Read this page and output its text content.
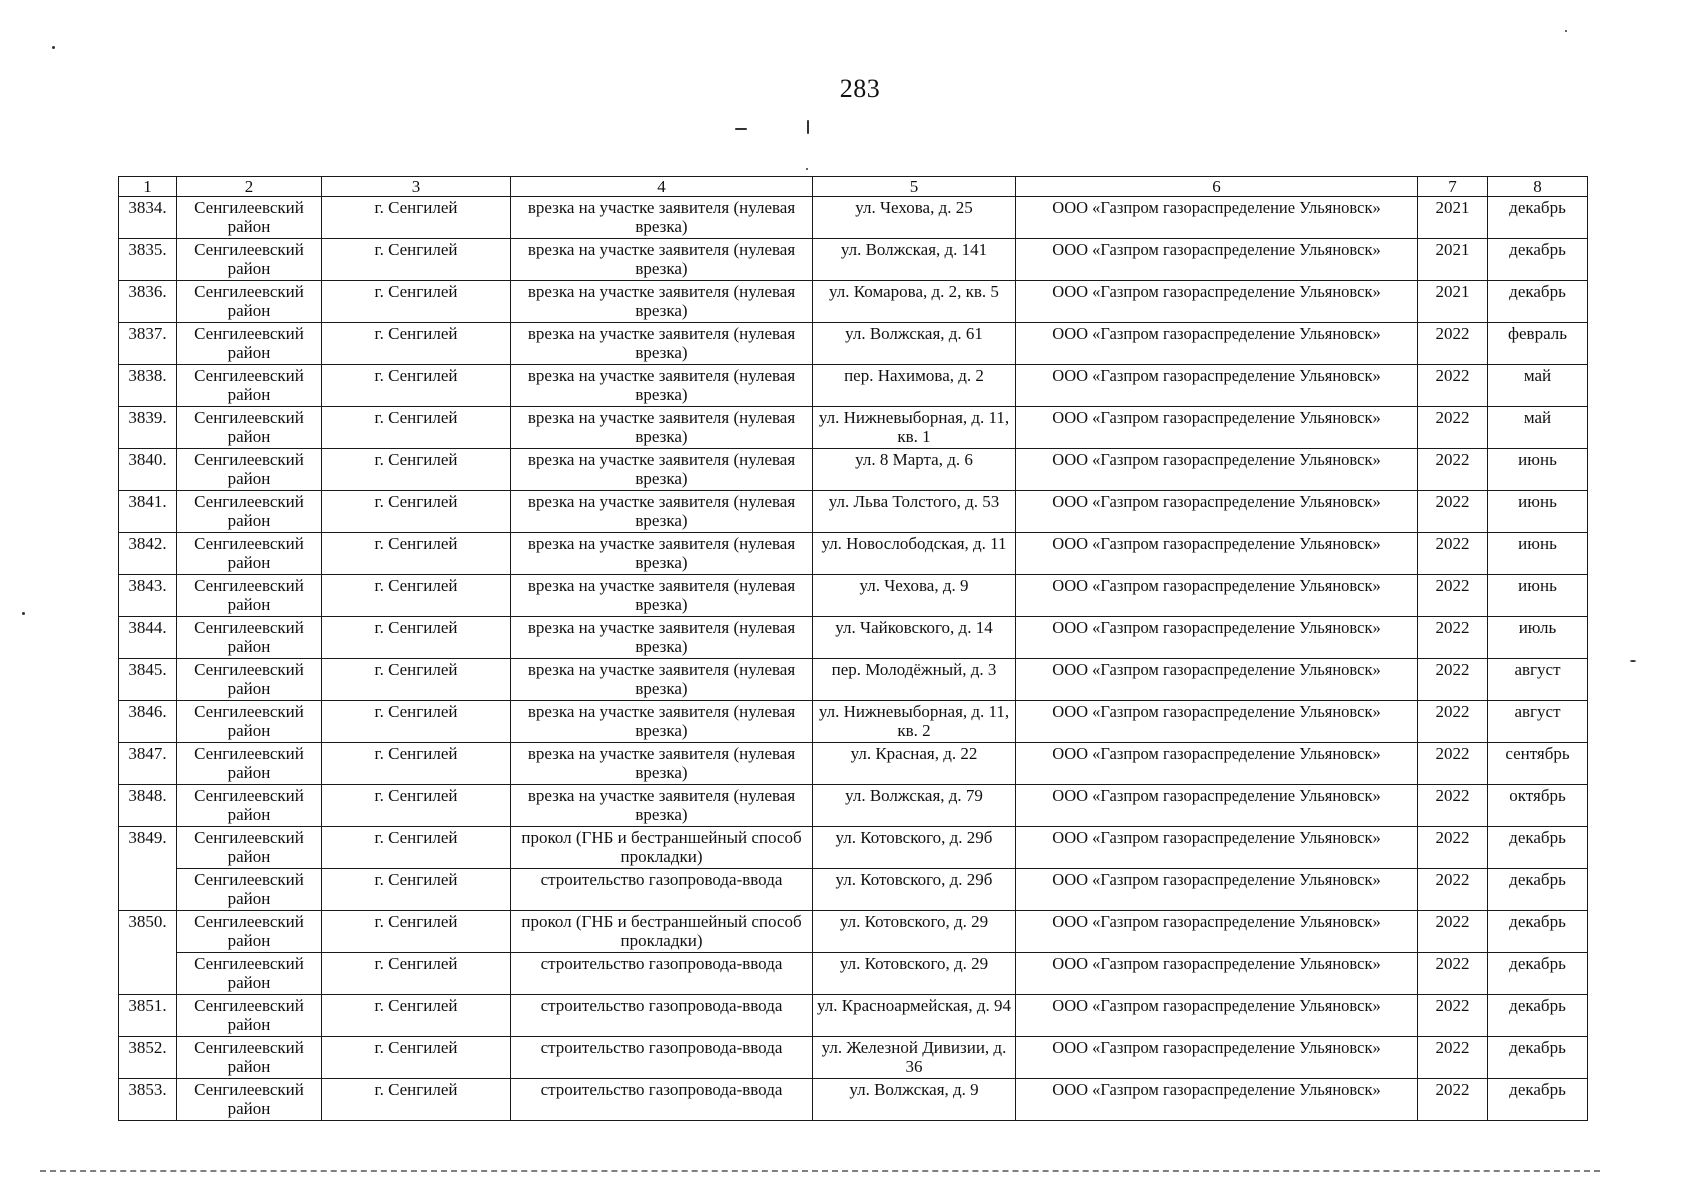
283
1	2	3	4	5	6	7	8
3834.	Сенгилеевский район	г. Сенгилей	врезка на участке заявителя (нулевая врезка)	ул. Чехова, д. 25	ООО «Газпром газораспределение Ульяновск»	2021	декабрь
3835.	Сенгилеевский район	г. Сенгилей	врезка на участке заявителя (нулевая врезка)	ул. Волжская, д. 141	ООО «Газпром газораспределение Ульяновск»	2021	декабрь
3836.	Сенгилеевский район	г. Сенгилей	врезка на участке заявителя (нулевая врезка)	ул. Комарова, д. 2, кв. 5	ООО «Газпром газораспределение Ульяновск»	2021	декабрь
3837.	Сенгилеевский район	г. Сенгилей	врезка на участке заявителя (нулевая врезка)	ул. Волжская, д. 61	ООО «Газпром газораспределение Ульяновск»	2022	февраль
3838.	Сенгилеевский район	г. Сенгилей	врезка на участке заявителя (нулевая врезка)	пер. Нахимова, д. 2	ООО «Газпром газораспределение Ульяновск»	2022	май
3839.	Сенгилеевский район	г. Сенгилей	врезка на участке заявителя (нулевая врезка)	ул. Нижневыборная, д. 11, кв. 1	ООО «Газпром газораспределение Ульяновск»	2022	май
3840.	Сенгилеевский район	г. Сенгилей	врезка на участке заявителя (нулевая врезка)	ул. 8 Марта, д. 6	ООО «Газпром газораспределение Ульяновск»	2022	июнь
3841.	Сенгилеевский район	г. Сенгилей	врезка на участке заявителя (нулевая врезка)	ул. Льва Толстого, д. 53	ООО «Газпром газораспределение Ульяновск»	2022	июнь
3842.	Сенгилеевский район	г. Сенгилей	врезка на участке заявителя (нулевая врезка)	ул. Новослободская, д. 11	ООО «Газпром газораспределение Ульяновск»	2022	июнь
3843.	Сенгилеевский район	г. Сенгилей	врезка на участке заявителя (нулевая врезка)	ул. Чехова, д. 9	ООО «Газпром газораспределение Ульяновск»	2022	июнь
3844.	Сенгилеевский район	г. Сенгилей	врезка на участке заявителя (нулевая врезка)	ул. Чайковского, д. 14	ООО «Газпром газораспределение Ульяновск»	2022	июль
3845.	Сенгилеевский район	г. Сенгилей	врезка на участке заявителя (нулевая врезка)	пер. Молодёжный, д. 3	ООО «Газпром газораспределение Ульяновск»	2022	август
3846.	Сенгилеевский район	г. Сенгилей	врезка на участке заявителя (нулевая врезка)	ул. Нижневыборная, д. 11, кв. 2	ООО «Газпром газораспределение Ульяновск»	2022	август
3847.	Сенгилеевский район	г. Сенгилей	врезка на участке заявителя (нулевая врезка)	ул. Красная, д. 22	ООО «Газпром газораспределение Ульяновск»	2022	сентябрь
3848.	Сенгилеевский район	г. Сенгилей	врезка на участке заявителя (нулевая врезка)	ул. Волжская, д. 79	ООО «Газпром газораспределение Ульяновск»	2022	октябрь
3849.	Сенгилеевский район	г. Сенгилей	прокол (ГНБ и бестраншейный способ прокладки)	ул. Котовского, д. 29б	ООО «Газпром газораспределение Ульяновск»	2022	декабрь
	Сенгилеевский район	г. Сенгилей	строительство газопровода-ввода	ул. Котовского, д. 29б	ООО «Газпром газораспределение Ульяновск»	2022	декабрь
3850.	Сенгилеевский район	г. Сенгилей	прокол (ГНБ и бестраншейный способ прокладки)	ул. Котовского, д. 29	ООО «Газпром газораспределение Ульяновск»	2022	декабрь
	Сенгилеевский район	г. Сенгилей	строительство газопровода-ввода	ул. Котовского, д. 29	ООО «Газпром газораспределение Ульяновск»	2022	декабрь
3851.	Сенгилеевский район	г. Сенгилей	строительство газопровода-ввода	ул. Красноармейская, д. 94	ООО «Газпром газораспределение Ульяновск»	2022	декабрь
3852.	Сенгилеевский район	г. Сенгилей	строительство газопровода-ввода	ул. Железной Дивизии, д. 36	ООО «Газпром газораспределение Ульяновск»	2022	декабрь
3853.	Сенгилеевский район	г. Сенгилей	строительство газопровода-ввода	ул. Волжская, д. 9	ООО «Газпром газораспределение Ульяновск»	2022	декабрь
